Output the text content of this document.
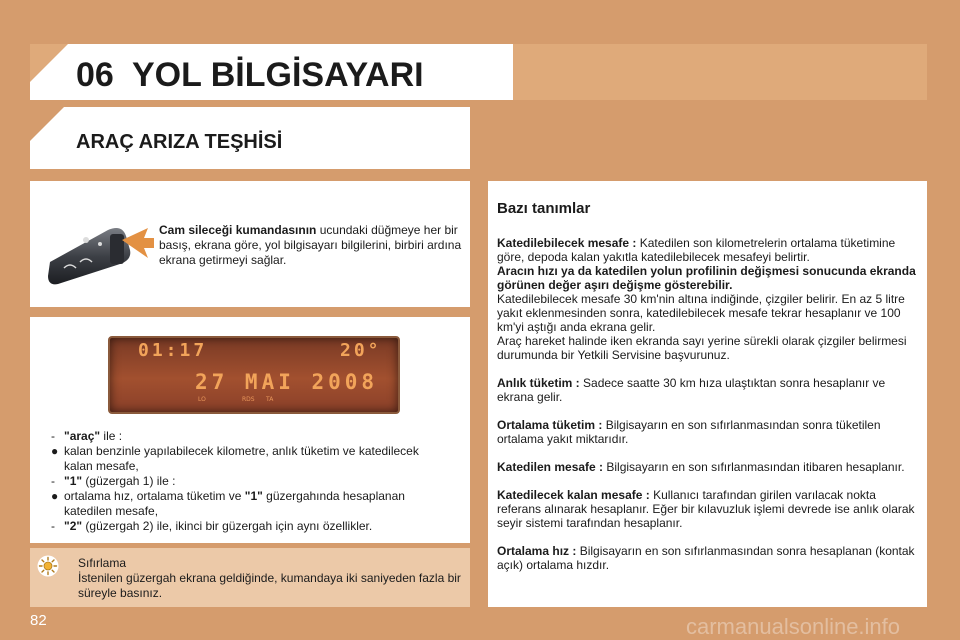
06 YOL BİLGİSAYARI
ARAÇ ARIZA TEŞHİSİ
Cam sileceği kumandasının ucundaki düğmeye her bir basış, ekrana göre, yol bilgisayarı bilgilerini, birbiri ardına ekrana getirmeyi sağlar.
01:17	20°
27 MAI 2008
LO	RDS TA
- "araç" ile :
● kalan benzinle yapılabilecek kilometre, anlık tüketim ve katedilecek
kalan mesafe,
- "1" (güzergah 1) ile :
● ortalama hız, ortalama tüketim ve "1" güzergahında hesaplanan
katedilen mesafe,
- "2" (güzergah 2) ile, ikinci bir güzergah için aynı özellikler.
Sıfırlama
İstenilen güzergah ekrana geldiğinde, kumandaya iki saniyeden fazla bir süreyle basınız.
Bazı tanımlar

Katedilebilecek mesafe : Katedilen son kilometrelerin ortalama tüketimine göre, depoda kalan yakıtla katedilebilecek mesafeyi belirtir.
Aracın hızı ya da katedilen yolun profilinin değişmesi sonucunda ekranda görünen değer aşırı değişme gösterebilir.
Katedilebilecek mesafe 30 km'nin altına indiğinde, çizgiler belirir. En az 5 litre yakıt eklenmesinden sonra, katedilebilecek mesafe tekrar hesaplanır ve 100 km'yi aştığı anda ekrana gelir.
Araç hareket halinde iken ekranda sayı yerine sürekli olarak çizgiler belirmesi durumunda bir Yetkili Servisine başvurunuz.

Anlık tüketim : Sadece saatte 30 km hıza ulaştıktan sonra hesaplanır ve ekrana gelir.

Ortalama tüketim : Bilgisayarın en son sıfırlanmasından sonra tüketilen ortalama yakıt miktarıdır.

Katedilen mesafe : Bilgisayarın en son sıfırlanmasından itibaren hesaplanır.

Katedilecek kalan mesafe : Kullanıcı tarafından girilen varılacak nokta referans alınarak hesaplanır. Eğer bir kılavuzluk işlemi devrede ise anlık olarak seyir sistemi tarafından hesaplanır.

Ortalama hız : Bilgisayarın en son sıfırlanmasından sonra hesaplanan (kontak açık) ortalama hızdır.

82	carmanualsonline.info
